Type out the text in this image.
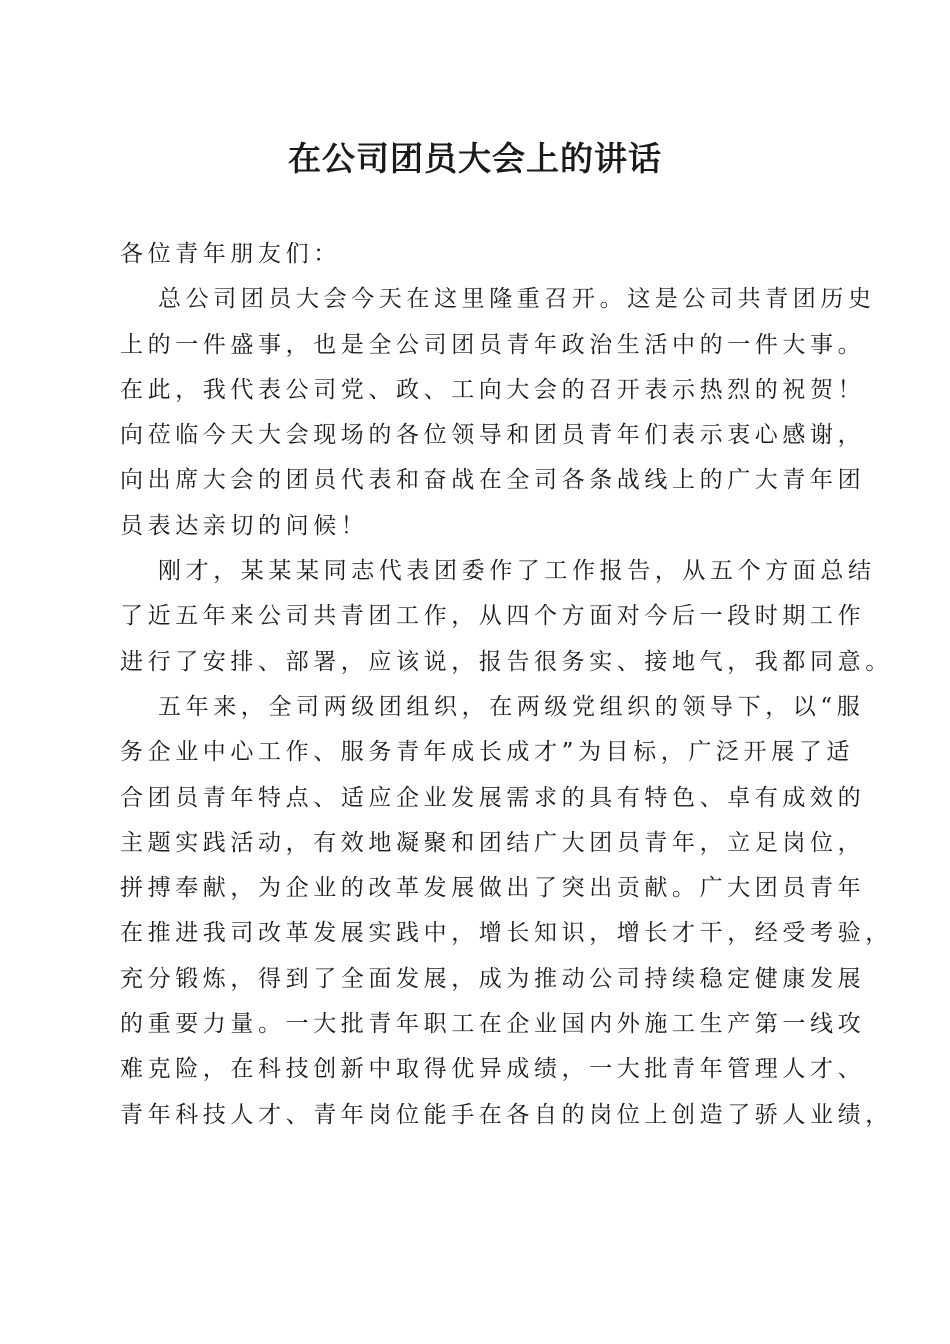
在公司团员大会上的讲话
各位青年朋友们：
总公司团员大会今天在这里隆重召开。这是公司共青团历史
上的一件盛事，也是全公司团员青年政治生活中的一件大事。
在此，我代表公司党、政、工向大会的召开表示热烈的祝贺！
向莅临今天大会现场的各位领导和团员青年们表示衷心感谢，
向出席大会的团员代表和奋战在全司各条战线上的广大青年团
员表达亲切的问候！
刚才，某某某同志代表团委作了工作报告，从五个方面总结
了近五年来公司共青团工作，从四个方面对今后一段时期工作
进行了安排、部署，应该说，报告很务实、接地气，我都同意。
五年来，全司两级团组织，在两级党组织的领导下，以“服
务企业中心工作、服务青年成长成才”为目标，广泛开展了适
合团员青年特点、适应企业发展需求的具有特色、卓有成效的
主题实践活动，有效地凝聚和团结广大团员青年，立足岗位，
拼搏奉献，为企业的改革发展做出了突出贡献。广大团员青年
在推进我司改革发展实践中，增长知识，增长才干，经受考验，
充分锻炼，得到了全面发展，成为推动公司持续稳定健康发展
的重要力量。一大批青年职工在企业国内外施工生产第一线攻
难克险，在科技创新中取得优异成绩，一大批青年管理人才、
青年科技人才、青年岗位能手在各自的岗位上创造了骄人业绩，
